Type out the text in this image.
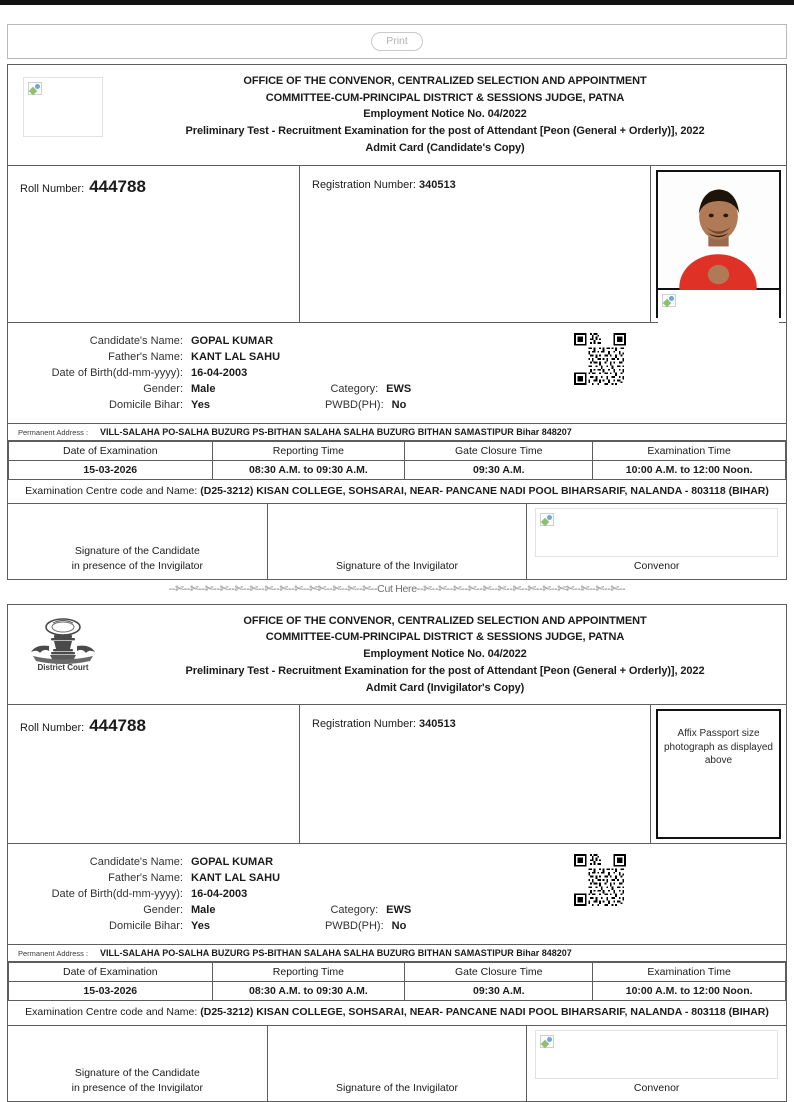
Print
OFFICE OF THE CONVENOR, CENTRALIZED SELECTION AND APPOINTMENT
COMMITTEE-CUM-PRINCIPAL DISTRICT & SESSIONS JUDGE, PATNA
Employment Notice No. 04/2022
Preliminary Test - Recruitment Examination for the post of Attendant [Peon (General + Orderly)], 2022
Admit Card (Candidate's Copy)
Roll Number: 444788	Registration Number: 340513
Candidate's Name: GOPAL KUMAR
Father's Name: KANT LAL SAHU
Date of Birth(dd-mm-yyyy): 16-04-2003
Gender: Male	Category: EWS
Domicile Bihar: Yes	PWBD(PH): No
Permanent Address : VILL-SALAHA PO-SALHA BUZURG PS-BITHAN SALAHA SALHA BUZURG BITHAN SAMASTIPUR Bihar 848207
Date of Examination	Reporting Time	Gate Closure Time	Examination Time
15-03-2026	08:30 A.M. to 09:30 A.M.	09:30 A.M.	10:00 A.M. to 12:00 Noon.
Examination Centre code and Name: (D25-3212) KISAN COLLEGE, SOHSARAI, NEAR- PANCANE NADI POOL BIHARSARIF, NALANDA - 803118 (BIHAR)
Signature of the Candidate
in presence of the Invigilator	Signature of the Invigilator	Convenor
--✄--✄--✄--✄--✄--✄--✄--✄--✄--✄✄--✄--✄--✄--Cut Here--✄--✄--✄--✄--✄--✄--✄--✄--✄--✄✄--✄--✄--✄--
District Court
OFFICE OF THE CONVENOR, CENTRALIZED SELECTION AND APPOINTMENT
COMMITTEE-CUM-PRINCIPAL DISTRICT & SESSIONS JUDGE, PATNA
Employment Notice No. 04/2022
Preliminary Test - Recruitment Examination for the post of Attendant [Peon (General + Orderly)], 2022
Admit Card (Invigilator's Copy)
Roll Number: 444788	Registration Number: 340513
Affix Passport size photograph as displayed above
Candidate's Name: GOPAL KUMAR
Father's Name: KANT LAL SAHU
Date of Birth(dd-mm-yyyy): 16-04-2003
Gender: Male	Category: EWS
Domicile Bihar: Yes	PWBD(PH): No
Permanent Address : VILL-SALAHA PO-SALHA BUZURG PS-BITHAN SALAHA SALHA BUZURG BITHAN SAMASTIPUR Bihar 848207
Date of Examination	Reporting Time	Gate Closure Time	Examination Time
15-03-2026	08:30 A.M. to 09:30 A.M.	09:30 A.M.	10:00 A.M. to 12:00 Noon.
Examination Centre code and Name: (D25-3212) KISAN COLLEGE, SOHSARAI, NEAR- PANCANE NADI POOL BIHARSARIF, NALANDA - 803118 (BIHAR)
Signature of the Candidate
in presence of the Invigilator	Signature of the Invigilator	Convenor
